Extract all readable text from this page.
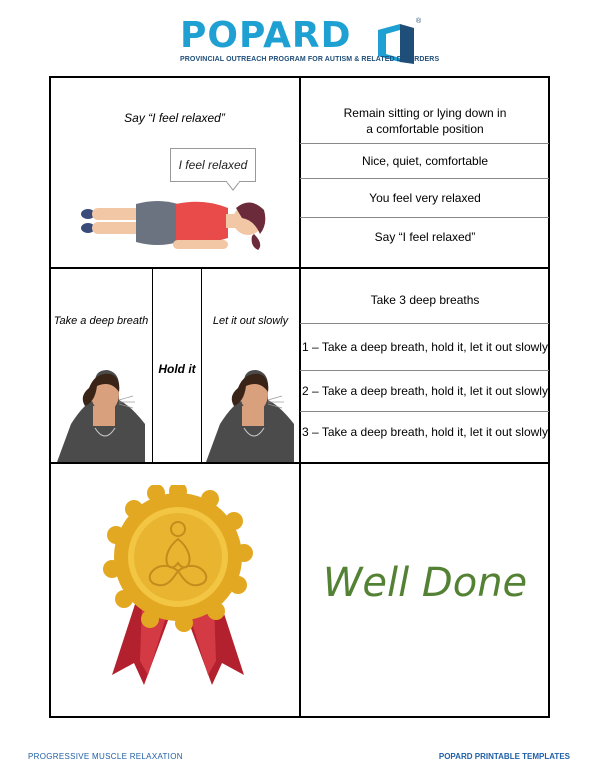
POPARD	®
PROVINCIAL OUTREACH PROGRAM FOR AUTISM & RELATED DISORDERS
Say “I feel relaxed”
I feel relaxed
Remain sitting or lying down in a comfortable position
Nice, quiet, comfortable
You feel very relaxed
Say “I feel relaxed”
Take a deep breath
Hold it
Let it out slowly
Take 3 deep breaths
1 – Take a deep breath, hold it, let it out slowly
2 – Take a deep breath, hold it, let it out slowly
3 – Take a deep breath, hold it, let it out slowly
Well Done
PROGRESSIVE MUSCLE RELAXATION	POPARD PRINTABLE TEMPLATES
